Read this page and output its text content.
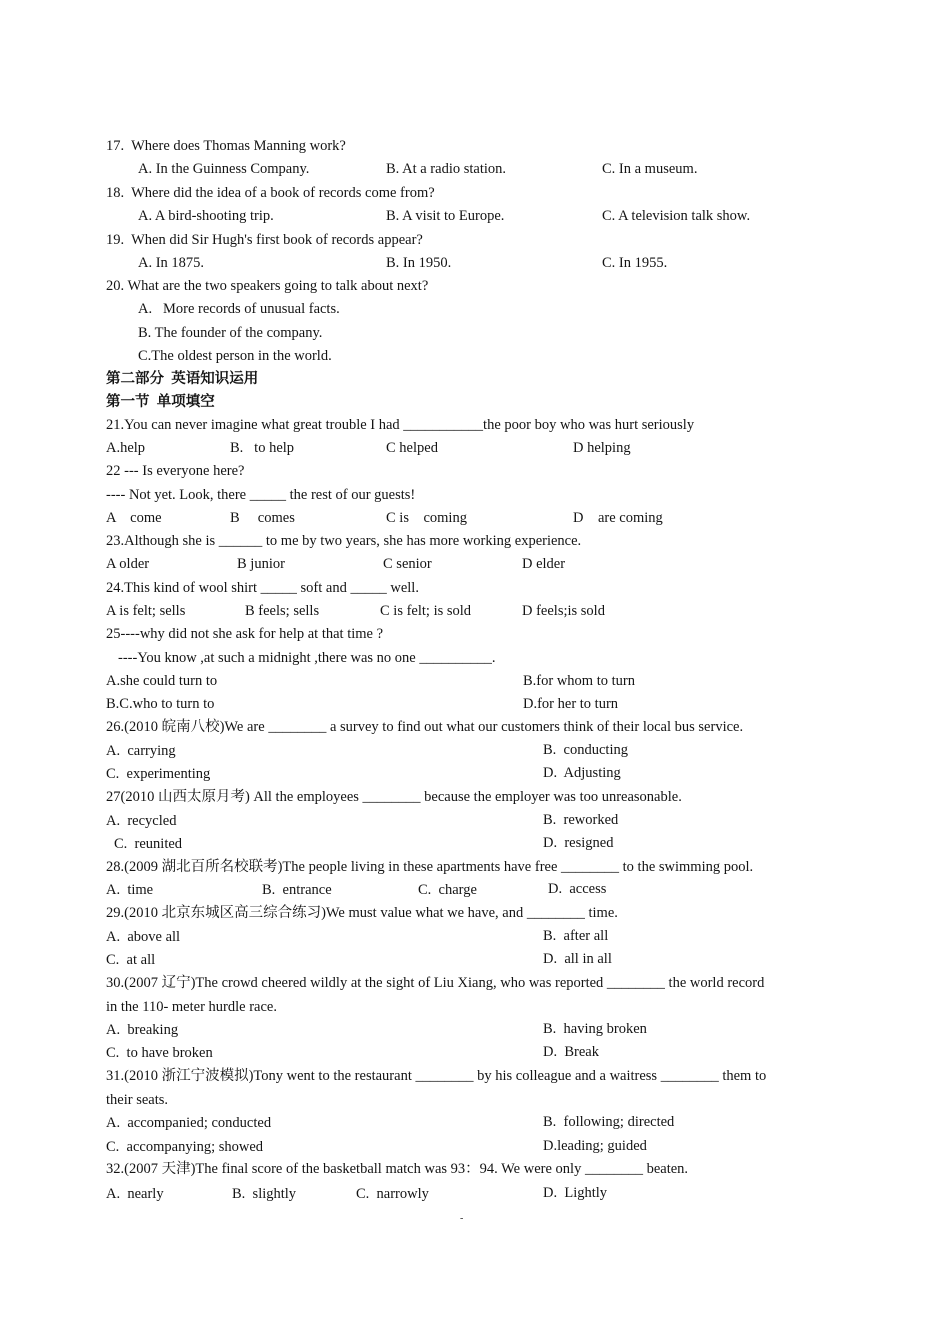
17.  Where does Thomas Manning work?
A. In the Guinness Company.	B. At a radio station.	C. In a museum.
18.  Where did the idea of a book of records come from?
A. A bird-shooting trip.	B. A visit to Europe.	C. A television talk show.
19.  When did Sir Hugh's first book of records appear?
A. In 1875.	B. In 1950.	C. In 1955.
20. What are the two speakers going to talk about next?
A.   More records of unusual facts.
B. The founder of the company.
C.The oldest person in the world.
第二部分  英语知识运用
第一节  单项填空
21.You can never imagine what great trouble I had ___________the poor boy who was hurt seriously
A.help	B.   to help	C helped	D helping
22 --- Is everyone here?
---- Not yet. Look, there _____ the rest of our guests!
A    come	B     comes	C is    coming	D    are coming
23.Although she is ______ to me by two years, she has more working experience.
A older	B junior	C senior	D elder
24.This kind of wool shirt _____ soft and _____ well.
A is felt; sells	B feels; sells	C is felt; is sold	D feels;is sold
25----why did not she ask for help at that time ?
----You know ,at such a midnight ,there was no one __________.
A.she could turn to	B.for whom to turn
B.C.who to turn to	D.for her to turn
26.(2010 皖南八校)We are ________ a survey to find out what our customers think of their local bus service.
A.  carrying	B.  conducting
C.  experimenting	D.  Adjusting
27(2010 山西太原月考) All the employees ________ because the employer was too unreasonable.
A.  recycled	B.  reworked
C.  reunited	D.  resigned
28.(2009 湖北百所名校联考)The people living in these apartments have free ________ to the swimming pool.
A.  time	B.  entrance	C.  charge	D.  access
29.(2010 北京东城区高三综合练习)We must value what we have, and ________ time.
A.  above all	B.  after all
C.  at all	D.  all in all
30.(2007 辽宁)The crowd cheered wildly at the sight of Liu Xiang, who was reported ________ the world record
in the 110- meter hurdle race.
A.  breaking	B.  having broken
C.  to have broken	D.  Break
31.(2010 浙江宁波模拟)Tony went to the restaurant ________ by his colleague and a waitress ________ them to
their seats.
A.  accompanied; conducted	B.  following; directed
C.  accompanying; showed	D.leading; guided
32.(2007 天津)The final score of the basketball match was 93：94. We were only ________ beaten.
A.  nearly	B.  slightly	C.  narrowly	D.  Lightly
-
